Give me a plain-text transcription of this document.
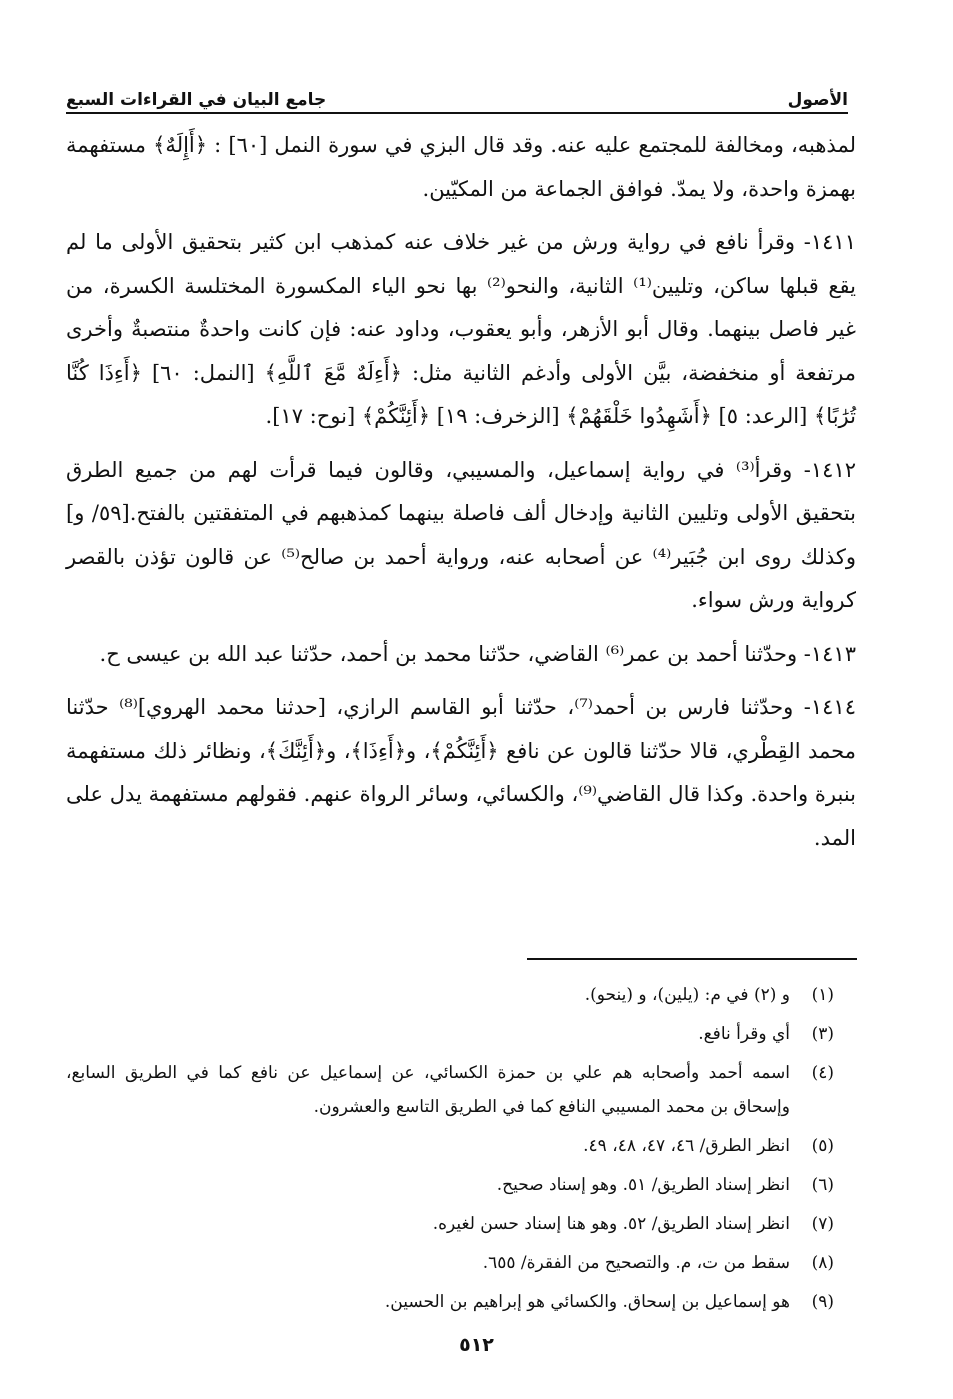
الأصول
جامع البيان في القراءات السبع

لمذهبه، ومخالفة للمجتمع عليه عنه. وقد قال البزي في سورة النمل [٦٠] : ﴿أَإِلَهٌ﴾ مستفهمة بهمزة واحدة، ولا يمدّ. فوافق الجماعة من المكيّين.

١٤١١- وقرأ نافع في رواية ورش من غير خلاف عنه كمذهب ابن كثير بتحقيق الأولى ما لم يقع قبلها ساكن، وتليين⁽¹⁾ الثانية، والنحو⁽²⁾ بها نحو الياء المكسورة المختلسة الكسرة، من غير فاصل بينهما. وقال أبو الأزهر، وأبو يعقوب، وداود عنه: فإن كانت واحدةٌ منتصبةٌ وأخرى مرتفعة أو منخفضة، بيَّن الأولى وأدغم الثانية مثل: ﴿أَءِلَهٌ مَّعَ ٱللَّهِ﴾ [النمل: ٦٠] ﴿أَءِذَا كُنَّا تُرَٰبًا﴾ [الرعد: ٥] ﴿أَشَهِدُوا خَلْقَهُمْ﴾ [الزخرف: ١٩] ﴿أَئِنَّكُمْ﴾ [نوح: ١٧].

١٤١٢- وقرأ⁽³⁾ في رواية إسماعيل، والمسيبي، وقالون فيما قرأت لهم من جميع الطرق بتحقيق الأولى وتليين الثانية وإدخال ألف فاصلة بينهما كمذهبهم في المتفقتين بالفتح.[٥٩/ و] وكذلك روى ابن جُبَير⁽⁴⁾ عن أصحابه عنه، ورواية أحمد بن صالح⁽⁵⁾ عن قالون تؤذن بالقصر كرواية ورش سواء.

١٤١٣- وحدّثنا أحمد بن عمر⁽⁶⁾ القاضي، حدّثنا محمد بن أحمد، حدّثنا عبد الله بن عيسى ح.

١٤١٤- وحدّثنا فارس بن أحمد⁽⁷⁾، حدّثنا أبو القاسم الرازي، [حدثنا محمد الهروي]⁽⁸⁾ حدّثنا محمد القِطْري، قالا حدّثنا قالون عن نافع ﴿أَئِنَّكُمْ﴾، و﴿أَءِذَا﴾، و﴿أَئِنَّكَ﴾، ونظائر ذلك مستفهمة بنبرة واحدة. وكذا قال القاضي⁽⁹⁾، والكسائي، وسائر الرواة عنهم. فقولهم مستفهمة يدل على المد.

(١)و (٢) في م: (يلين)، و (ينحو).

(٣)أي وقرأ نافع.

(٤)اسمه أحمد وأصحابه هم علي بن حمزة الكسائي، عن إسماعيل عن نافع كما في الطريق السابع، وإسحاق بن محمد المسيبي النافع كما في الطريق التاسع والعشرون.

(٥)انظر الطرق/ ٤٦، ٤٧، ٤٨، ٤٩.

(٦)انظر إسناد الطريق/ ٥١. وهو إسناد صحيح.

(٧)انظر إسناد الطريق/ ٥٢. وهو هنا إسناد حسن لغيره.

(٨)سقط من ت، م. والتصحيح من الفقرة/ ٦٥٥.

(٩)هو إسماعيل بن إسحاق. والكسائي هو إبراهيم بن الحسين.

٥١٢
